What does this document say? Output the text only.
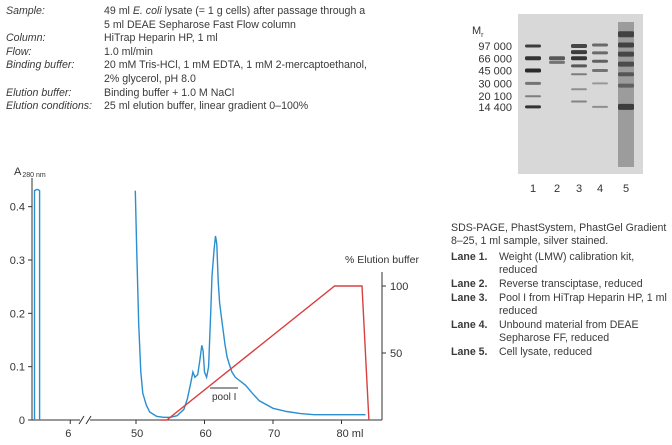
Sample:	49 ml E. coli lysate (= 1 g cells) after passage through a
5 ml DEAE Sepharose Fast Flow column
Column:	HiTrap Heparin HP, 1 ml
Flow:	1.0 ml/min
Binding buffer:	20 mM Tris-HCl, 1 mM EDTA, 1 mM 2-mercaptoethanol,
2% glycerol, pH 8.0
Elution buffer:	Binding buffer + 1.0 M NaCl
Elution conditions:	25 ml elution buffer, linear gradient 0–100%
A280 nm
% Elution buffer
0.4
0.3
0.2
0.1
0
6	50	60	70	80 ml
100
50
pool I
$M_r$
97 000
66 000
45 000
30 000
20 100
14 400
1 2 3 4 5
SDS-PAGE, PhastSystem, PhastGel Gradient 8–25, 1 ml sample, silver stained.
Lane 1.	Weight (LMW) calibration kit, reduced
Lane 2.	Reverse transciptase, reduced
Lane 3.	Pool I from HiTrap Heparin HP, 1 ml reduced
Lane 4.	Unbound material from DEAE Sepharose FF, reduced
Lane 5.	Cell lysate, reduced
